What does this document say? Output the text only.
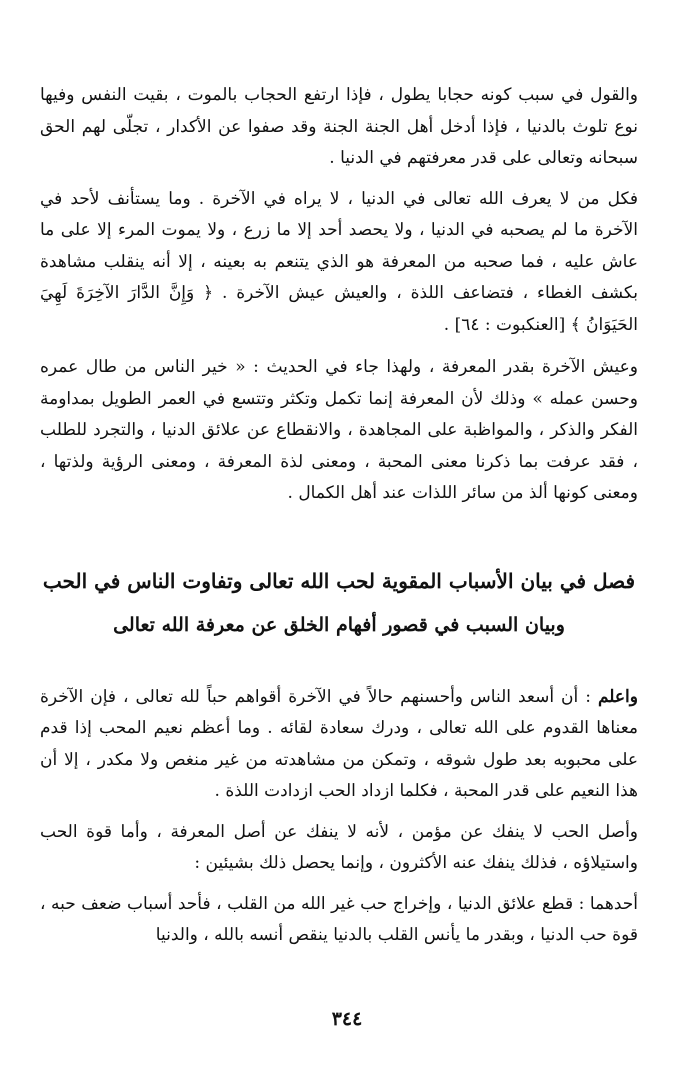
والقول في سبب كونه حجابا يطول ، فإذا ارتفع الحجاب بالموت ، بقيت النفس وفيها نوع تلوث بالدنيا ، فإذا أدخل أهل الجنة الجنة وقد صفوا عن الأكدار ، تجلّى لهم الحق سبحانه وتعالى على قدر معرفتهم في الدنيا .

فكل من لا يعرف الله تعالى في الدنيا ، لا يراه في الآخرة . وما يستأنف لأحد في الآخرة ما لم يصحبه في الدنيا ، ولا يحصد أحد إلا ما زرع ، ولا يموت المرء إلا على ما عاش عليه ، فما صحبه من المعرفة هو الذي يتنعم به بعينه ، إلا أنه ينقلب مشاهدة بكشف الغطاء ، فتضاعف اللذة ، والعيش عيش الآخرة . ﴿ وَإِنَّ الدَّارَ الآخِرَةَ لَهِيَ الحَيَوَانُ ﴾ [العنكبوت : ٦٤] .

وعيش الآخرة بقدر المعرفة ، ولهذا جاء في الحديث : « خير الناس من طال عمره وحسن عمله » وذلك لأن المعرفة إنما تكمل وتكثر وتتسع في العمر الطويل بمداومة الفكر والذكر ، والمواظبة على المجاهدة ، والانقطاع عن علائق الدنيا ، والتجرد للطلب ، فقد عرفت بما ذكرنا معنى المحبة ، ومعنى لذة المعرفة ، ومعنى الرؤية ولذتها ، ومعنى كونها ألذ من سائر اللذات عند أهل الكمال .

فصل في بيان الأسباب المقوية لحب الله تعالى وتفاوت الناس في الحب
وبيان السبب في قصور أفهام الخلق عن معرفة الله تعالى

واعلم : أن أسعد الناس وأحسنهم حالاً في الآخرة أقواهم حباً لله تعالى ، فإن الآخرة معناها القدوم على الله تعالى ، ودرك سعادة لقائه . وما أعظم نعيم المحب إذا قدم على محبوبه بعد طول شوقه ، وتمكن من مشاهدته من غير منغص ولا مكدر ، إلا أن هذا النعيم على قدر المحبة ، فكلما ازداد الحب ازدادت اللذة .

وأصل الحب لا ينفك عن مؤمن ، لأنه لا ينفك عن أصل المعرفة ، وأما قوة الحب واستيلاؤه ، فذلك ينفك عنه الأكثرون ، وإنما يحصل ذلك بشيئين :

أحدهما : قطع علائق الدنيا ، وإخراج حب غير الله من القلب ، فأحد أسباب ضعف حبه ، قوة حب الدنيا ، وبقدر ما يأنس القلب بالدنيا ينقص أنسه بالله ، والدنيا

٣٤٤
